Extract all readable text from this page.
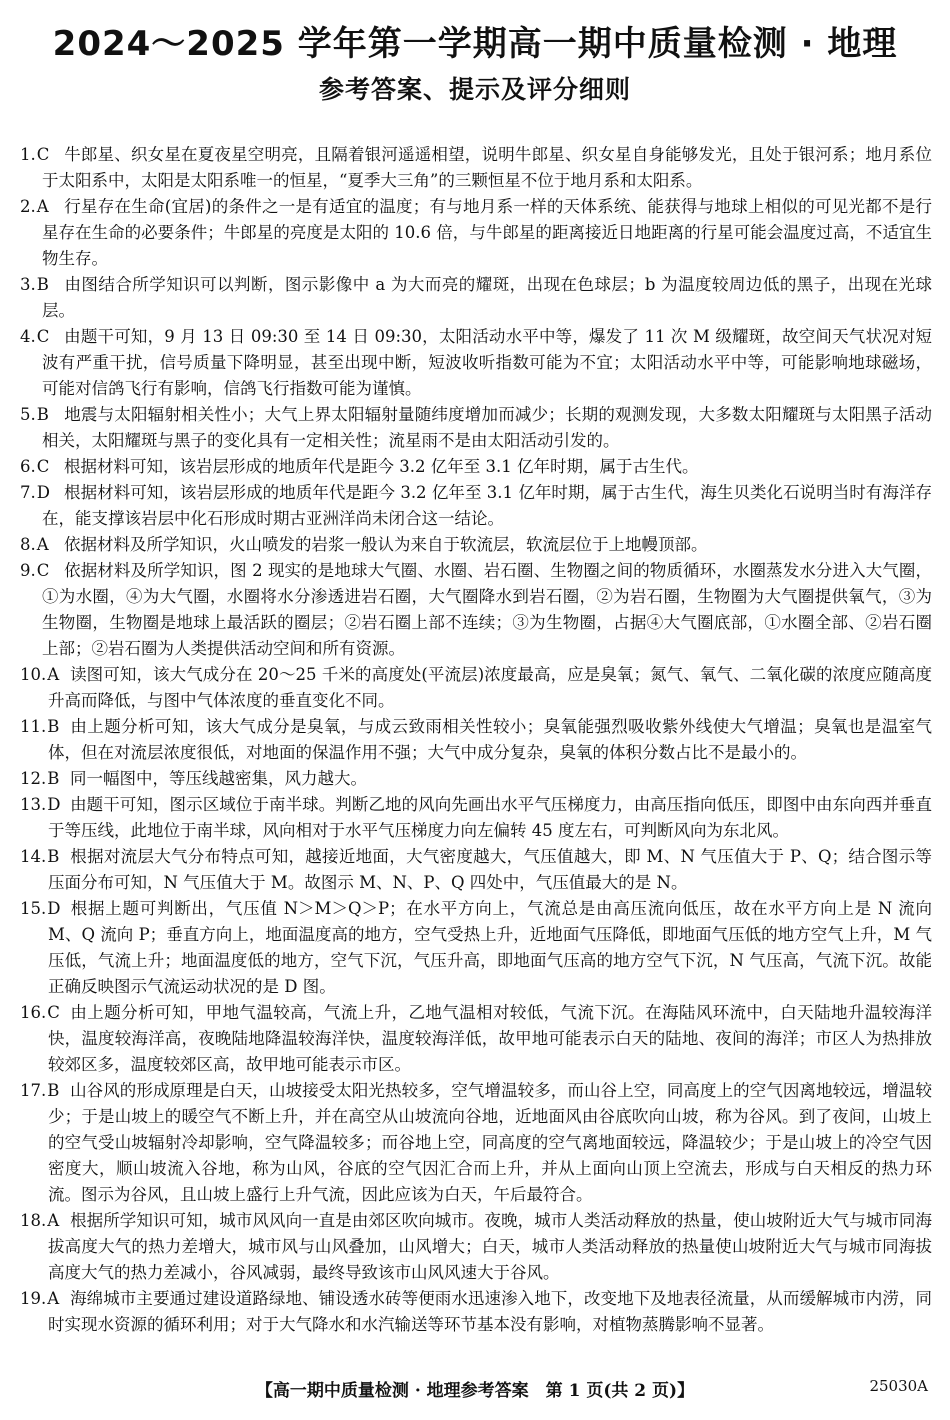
2024～2025 学年第一学期高一期中质量检测 · 地理
参考答案、提示及评分细则

1.C 牛郎星、织女星在夏夜星空明亮，且隔着银河遥遥相望，说明牛郎星、织女星自身能够发光，且处于银河系；地月系位于太阳系中，太阳是太阳系唯一的恒星，“夏季大三角”的三颗恒星不位于地月系和太阳系。

2.A 行星存在生命(宜居)的条件之一是有适宜的温度；有与地月系一样的天体系统、能获得与地球上相似的可见光都不是行星存在生命的必要条件；牛郎星的亮度是太阳的 10.6 倍，与牛郎星的距离接近日地距离的行星可能会温度过高，不适宜生物生存。

3.B 由图结合所学知识可以判断，图示影像中 a 为大而亮的耀斑，出现在色球层；b 为温度较周边低的黑子，出现在光球层。

4.C 由题干可知，9 月 13 日 09:30 至 14 日 09:30，太阳活动水平中等，爆发了 11 次 M 级耀斑，故空间天气状况对短波有严重干扰，信号质量下降明显，甚至出现中断，短波收听指数可能为不宜；太阳活动水平中等，可能影响地球磁场，可能对信鸽飞行有影响，信鸽飞行指数可能为谨慎。

5.B 地震与太阳辐射相关性小；大气上界太阳辐射量随纬度增加而减少；长期的观测发现，大多数太阳耀斑与太阳黑子活动相关，太阳耀斑与黑子的变化具有一定相关性；流星雨不是由太阳活动引发的。

6.C 根据材料可知，该岩层形成的地质年代是距今 3.2 亿年至 3.1 亿年时期，属于古生代。

7.D 根据材料可知，该岩层形成的地质年代是距今 3.2 亿年至 3.1 亿年时期，属于古生代，海生贝类化石说明当时有海洋存在，能支撑该岩层中化石形成时期古亚洲洋尚未闭合这一结论。

8.A 依据材料及所学知识，火山喷发的岩浆一般认为来自于软流层，软流层位于上地幔顶部。

9.C 依据材料及所学知识，图 2 现实的是地球大气圈、水圈、岩石圈、生物圈之间的物质循环，水圈蒸发水分进入大气圈，①为水圈，④为大气圈，水圈将水分渗透进岩石圈，大气圈降水到岩石圈，②为岩石圈，生物圈为大气圈提供氧气，③为生物圈，生物圈是地球上最活跃的圈层；②岩石圈上部不连续；③为生物圈，占据④大气圈底部，①水圈全部、②岩石圈上部；②岩石圈为人类提供活动空间和所有资源。

10.A 读图可知，该大气成分在 20～25 千米的高度处(平流层)浓度最高，应是臭氧；氮气、氧气、二氧化碳的浓度应随高度升高而降低，与图中气体浓度的垂直变化不同。

11.B 由上题分析可知，该大气成分是臭氧，与成云致雨相关性较小；臭氧能强烈吸收紫外线使大气增温；臭氧也是温室气体，但在对流层浓度很低，对地面的保温作用不强；大气中成分复杂，臭氧的体积分数占比不是最小的。

12.B 同一幅图中，等压线越密集，风力越大。

13.D 由题干可知，图示区域位于南半球。判断乙地的风向先画出水平气压梯度力，由高压指向低压，即图中由东向西并垂直于等压线，此地位于南半球，风向相对于水平气压梯度力向左偏转 45 度左右，可判断风向为东北风。

14.B 根据对流层大气分布特点可知，越接近地面，大气密度越大，气压值越大，即 M、N 气压值大于 P、Q；结合图示等压面分布可知，N 气压值大于 M。故图示 M、N、P、Q 四处中，气压值最大的是 N。

15.D 根据上题可判断出，气压值 N＞M＞Q＞P；在水平方向上，气流总是由高压流向低压，故在水平方向上是 N 流向 M、Q 流向 P；垂直方向上，地面温度高的地方，空气受热上升，近地面气压降低，即地面气压低的地方空气上升，M 气压低，气流上升；地面温度低的地方，空气下沉，气压升高，即地面气压高的地方空气下沉，N 气压高，气流下沉。故能正确反映图示气流运动状况的是 D 图。

16.C 由上题分析可知，甲地气温较高，气流上升，乙地气温相对较低，气流下沉。在海陆风环流中，白天陆地升温较海洋快，温度较海洋高，夜晚陆地降温较海洋快，温度较海洋低，故甲地可能表示白天的陆地、夜间的海洋；市区人为热排放较郊区多，温度较郊区高，故甲地可能表示市区。

17.B 山谷风的形成原理是白天，山坡接受太阳光热较多，空气增温较多，而山谷上空，同高度上的空气因离地较远，增温较少；于是山坡上的暖空气不断上升，并在高空从山坡流向谷地，近地面风由谷底吹向山坡，称为谷风。到了夜间，山坡上的空气受山坡辐射冷却影响，空气降温较多；而谷地上空，同高度的空气离地面较远，降温较少；于是山坡上的冷空气因密度大，顺山坡流入谷地，称为山风，谷底的空气因汇合而上升，并从上面向山顶上空流去，形成与白天相反的热力环流。图示为谷风，且山坡上盛行上升气流，因此应该为白天，午后最符合。

18.A 根据所学知识可知，城市风风向一直是由郊区吹向城市。夜晚，城市人类活动释放的热量，使山坡附近大气与城市同海拔高度大气的热力差增大，城市风与山风叠加，山风增大；白天，城市人类活动释放的热量使山坡附近大气与城市同海拔高度大气的热力差减小，谷风减弱，最终导致该市山风风速大于谷风。

19.A 海绵城市主要通过建设道路绿地、铺设透水砖等便雨水迅速渗入地下，改变地下及地表径流量，从而缓解城市内涝，同时实现水资源的循环利用；对于大气降水和水汽输送等环节基本没有影响，对植物蒸腾影响不显著。

【高一期中质量检测 · 地理参考答案　第 1 页(共 2 页)】	25030A
